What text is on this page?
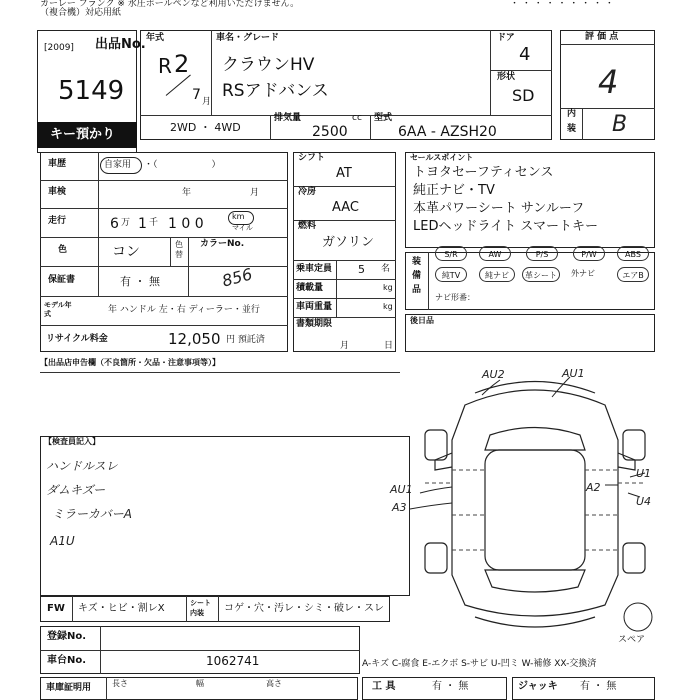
カーレー フランク ※ 水圧ボールペンなど利用いただけません。
（複合機）対応用紙
・ ・ ・ ・ ・ ・ ・ ・ ・
[2009] 出品No.
5149
キー預かり
年式
R 2
7 月
車名・グレード
クラウンHV
RSアドバンス
ドア
4
形状
SD
2WD ・ 4WD
排気量	cc
2500
型式
6AA - AZSH20
評 価 点
4
内
装 B
車歴	自家用 ・（　　　　　　）
車検	年	月
走行	6 万 1 千 1 0 0	km
マイル
色	コン	色替
カラーNo.
856
保証書	有 ・ 無
モデル年式	年 ハンドル 左・右 ディーラー・並行
リサイクル料金	12,050 円 預託済
シフト
AT
冷房
AAC
燃料
ガソリン
乗車定員 5 名
積載量	kg
車両重量	kg
書類期限
月	日
セールスポイント
トヨタセーフティセンス
純正ナビ・TV
本革パワーシート サンルーフ
LEDヘッドライト スマートキー
装備品
S/R	AW	P/S	P/W	ABS
純TV	純ナビ	革シート	外ナビ	エアB
ナビ形番：
後日品
【出品店申告欄（不良箇所・欠品・注意事項等）】
【検査員記入】
ハンドルスレ
ダムキズー
ミラーカバーA
A1U
AU2	AU1
AU1
A3
A2
U1
U4
スペア
A-キズ C-腐食 E-エクボ S-サビ U-凹ミ W-補修 XX-交換済
FW キズ・ヒビ・割レX	シート内装	コゲ・穴・汚レ・シミ・破レ・スレ
登録No.
車台No.	1062741
車庫証明用	長さ	幅	高さ	工 具	有 ・ 無	ジャッキ 有 ・ 無
